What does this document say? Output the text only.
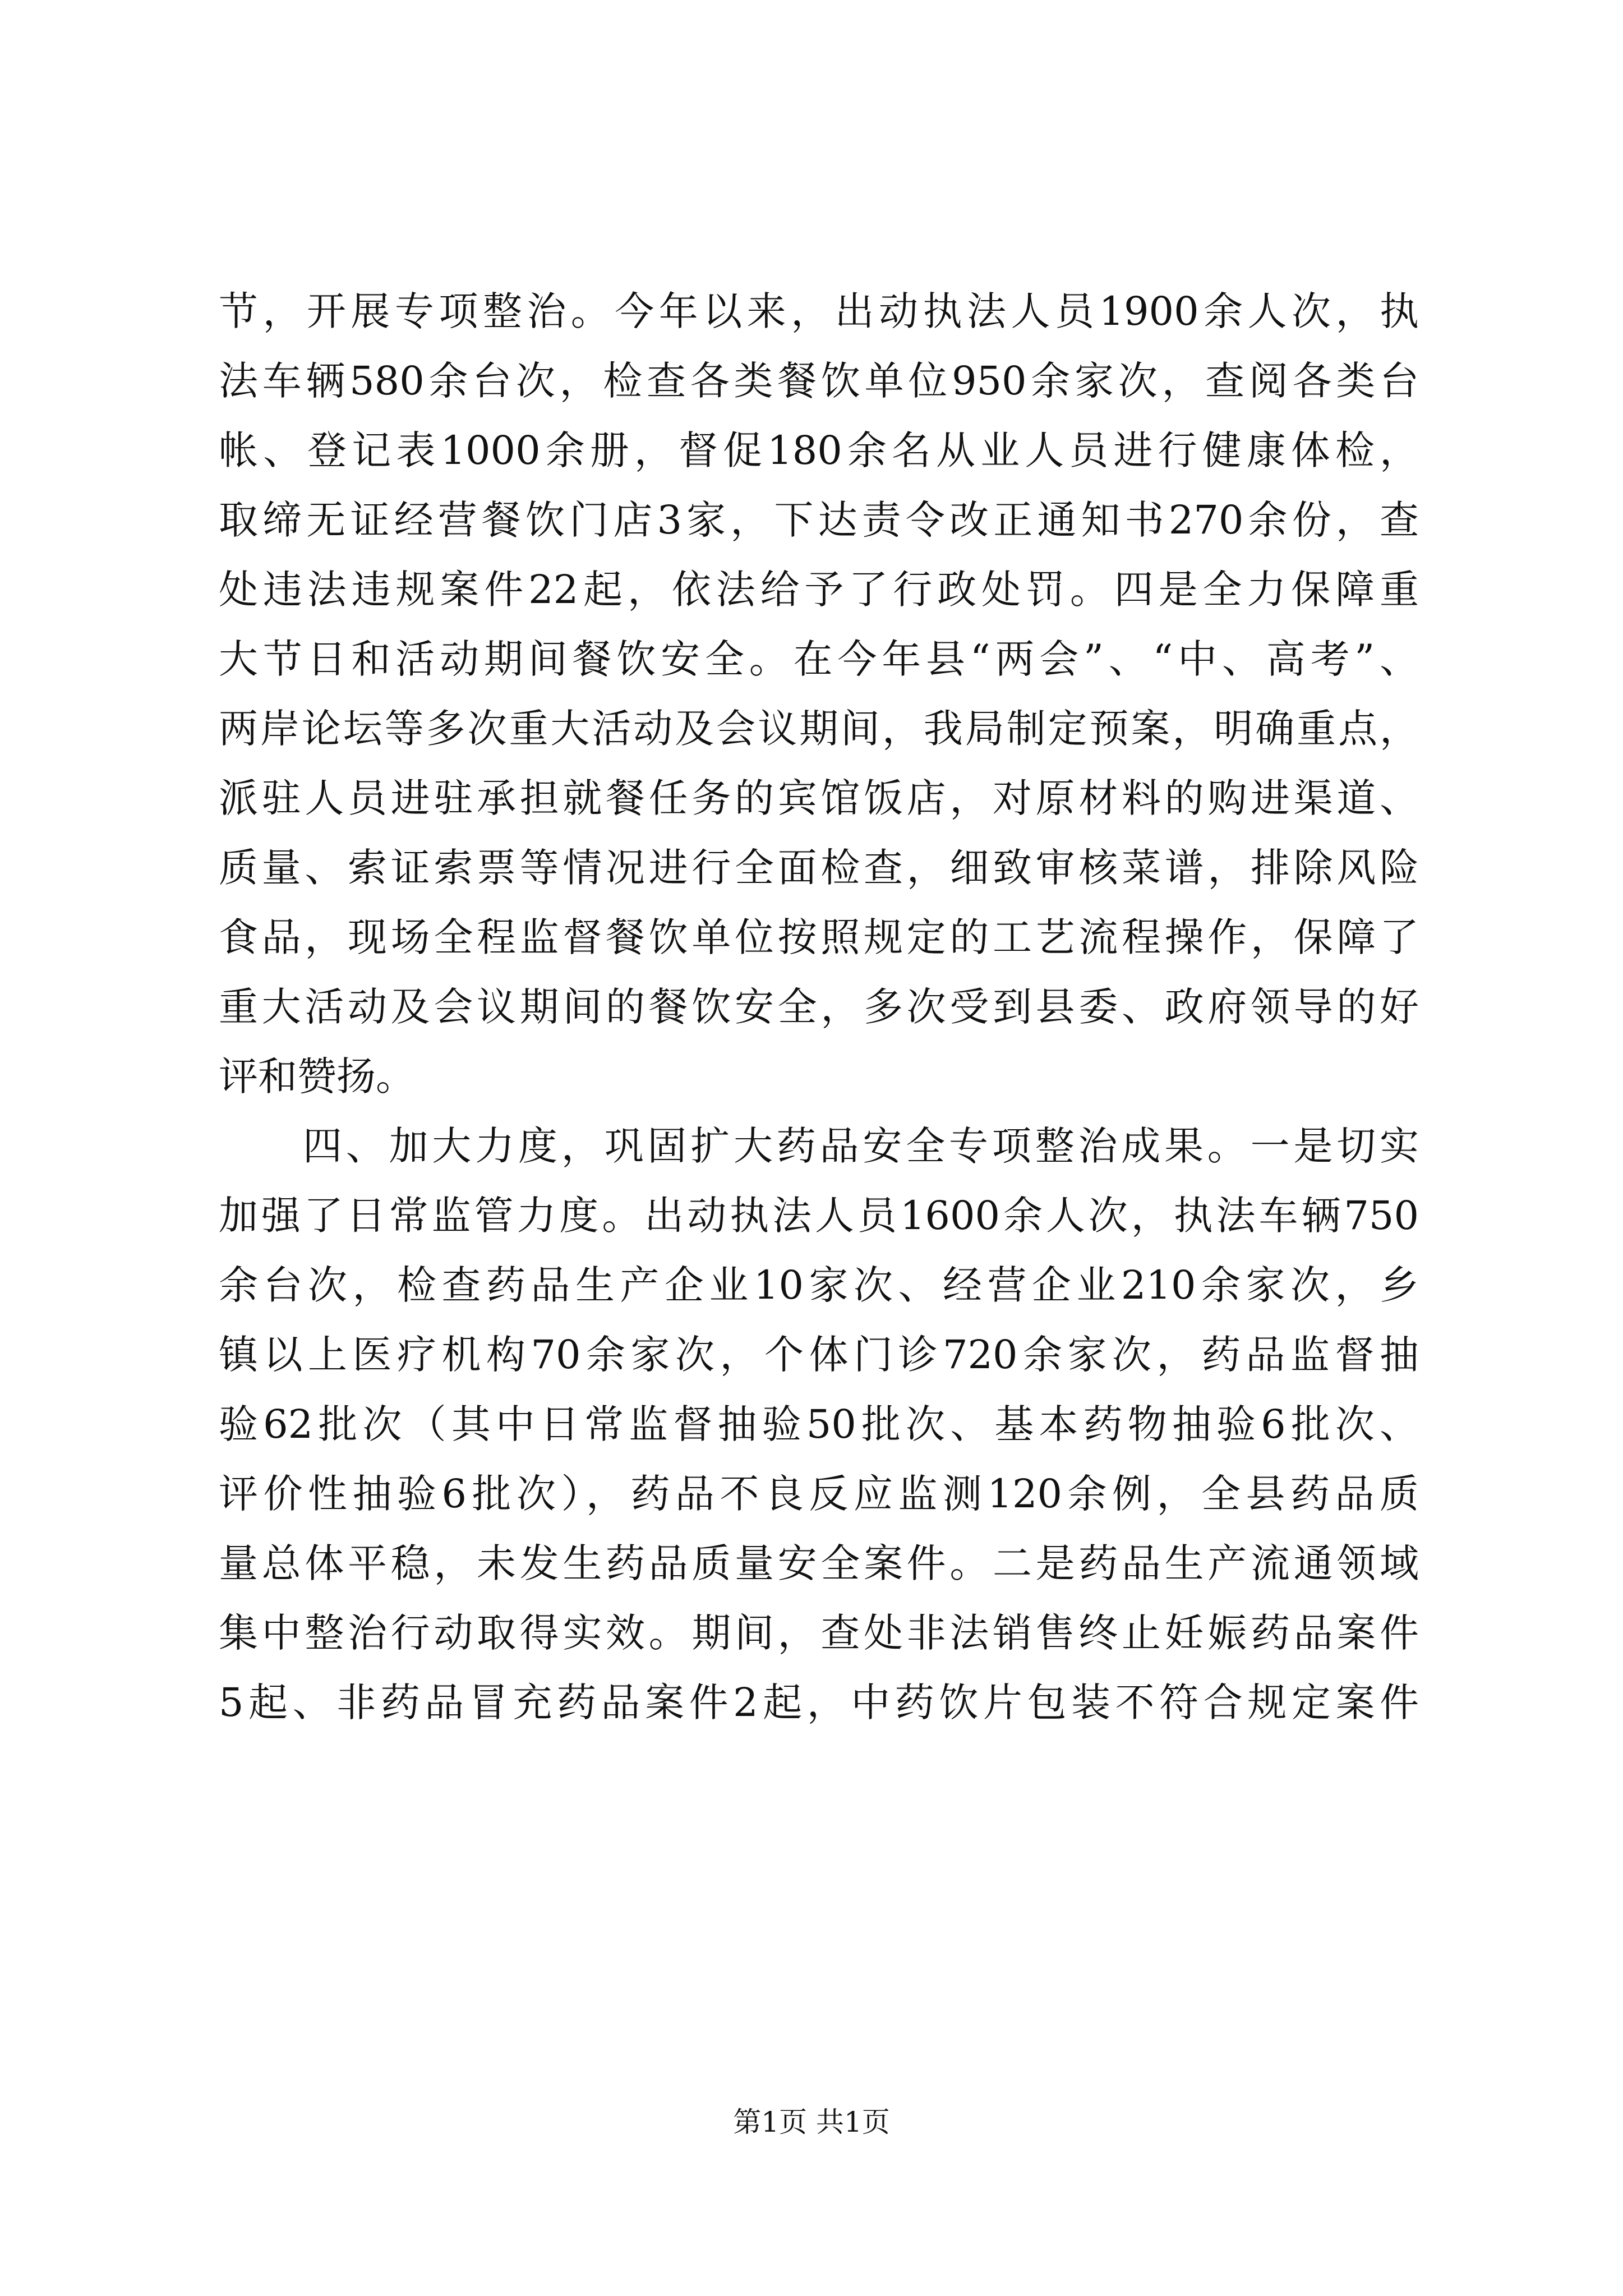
节，开展专项整治。今年以来，出动执法人员1900余人次，执
法车辆580余台次，检查各类餐饮单位950余家次，查阅各类台
帐、登记表1000余册，督促180余名从业人员进行健康体检，
取缔无证经营餐饮门店3家，下达责令改正通知书270余份，查
处违法违规案件22起，依法给予了行政处罚。四是全力保障重
大节日和活动期间餐饮安全。在今年县“两会”、“中、高考”、
两岸论坛等多次重大活动及会议期间，我局制定预案，明确重点，
派驻人员进驻承担就餐任务的宾馆饭店，对原材料的购进渠道、
质量、索证索票等情况进行全面检查，细致审核菜谱，排除风险
食品，现场全程监督餐饮单位按照规定的工艺流程操作，保障了
重大活动及会议期间的餐饮安全，多次受到县委、政府领导的好
评和赞扬。
四、加大力度，巩固扩大药品安全专项整治成果。一是切实
加强了日常监管力度。出动执法人员1600余人次，执法车辆750
余台次，检查药品生产企业10家次、经营企业210余家次，乡
镇以上医疗机构70余家次，个体门诊720余家次，药品监督抽
验62批次（其中日常监督抽验50批次、基本药物抽验6批次、
评价性抽验6批次），药品不良反应监测120余例，全县药品质
量总体平稳，未发生药品质量安全案件。二是药品生产流通领域
集中整治行动取得实效。期间，查处非法销售终止妊娠药品案件
5起、非药品冒充药品案件2起，中药饮片包装不符合规定案件
第1页 共1页
